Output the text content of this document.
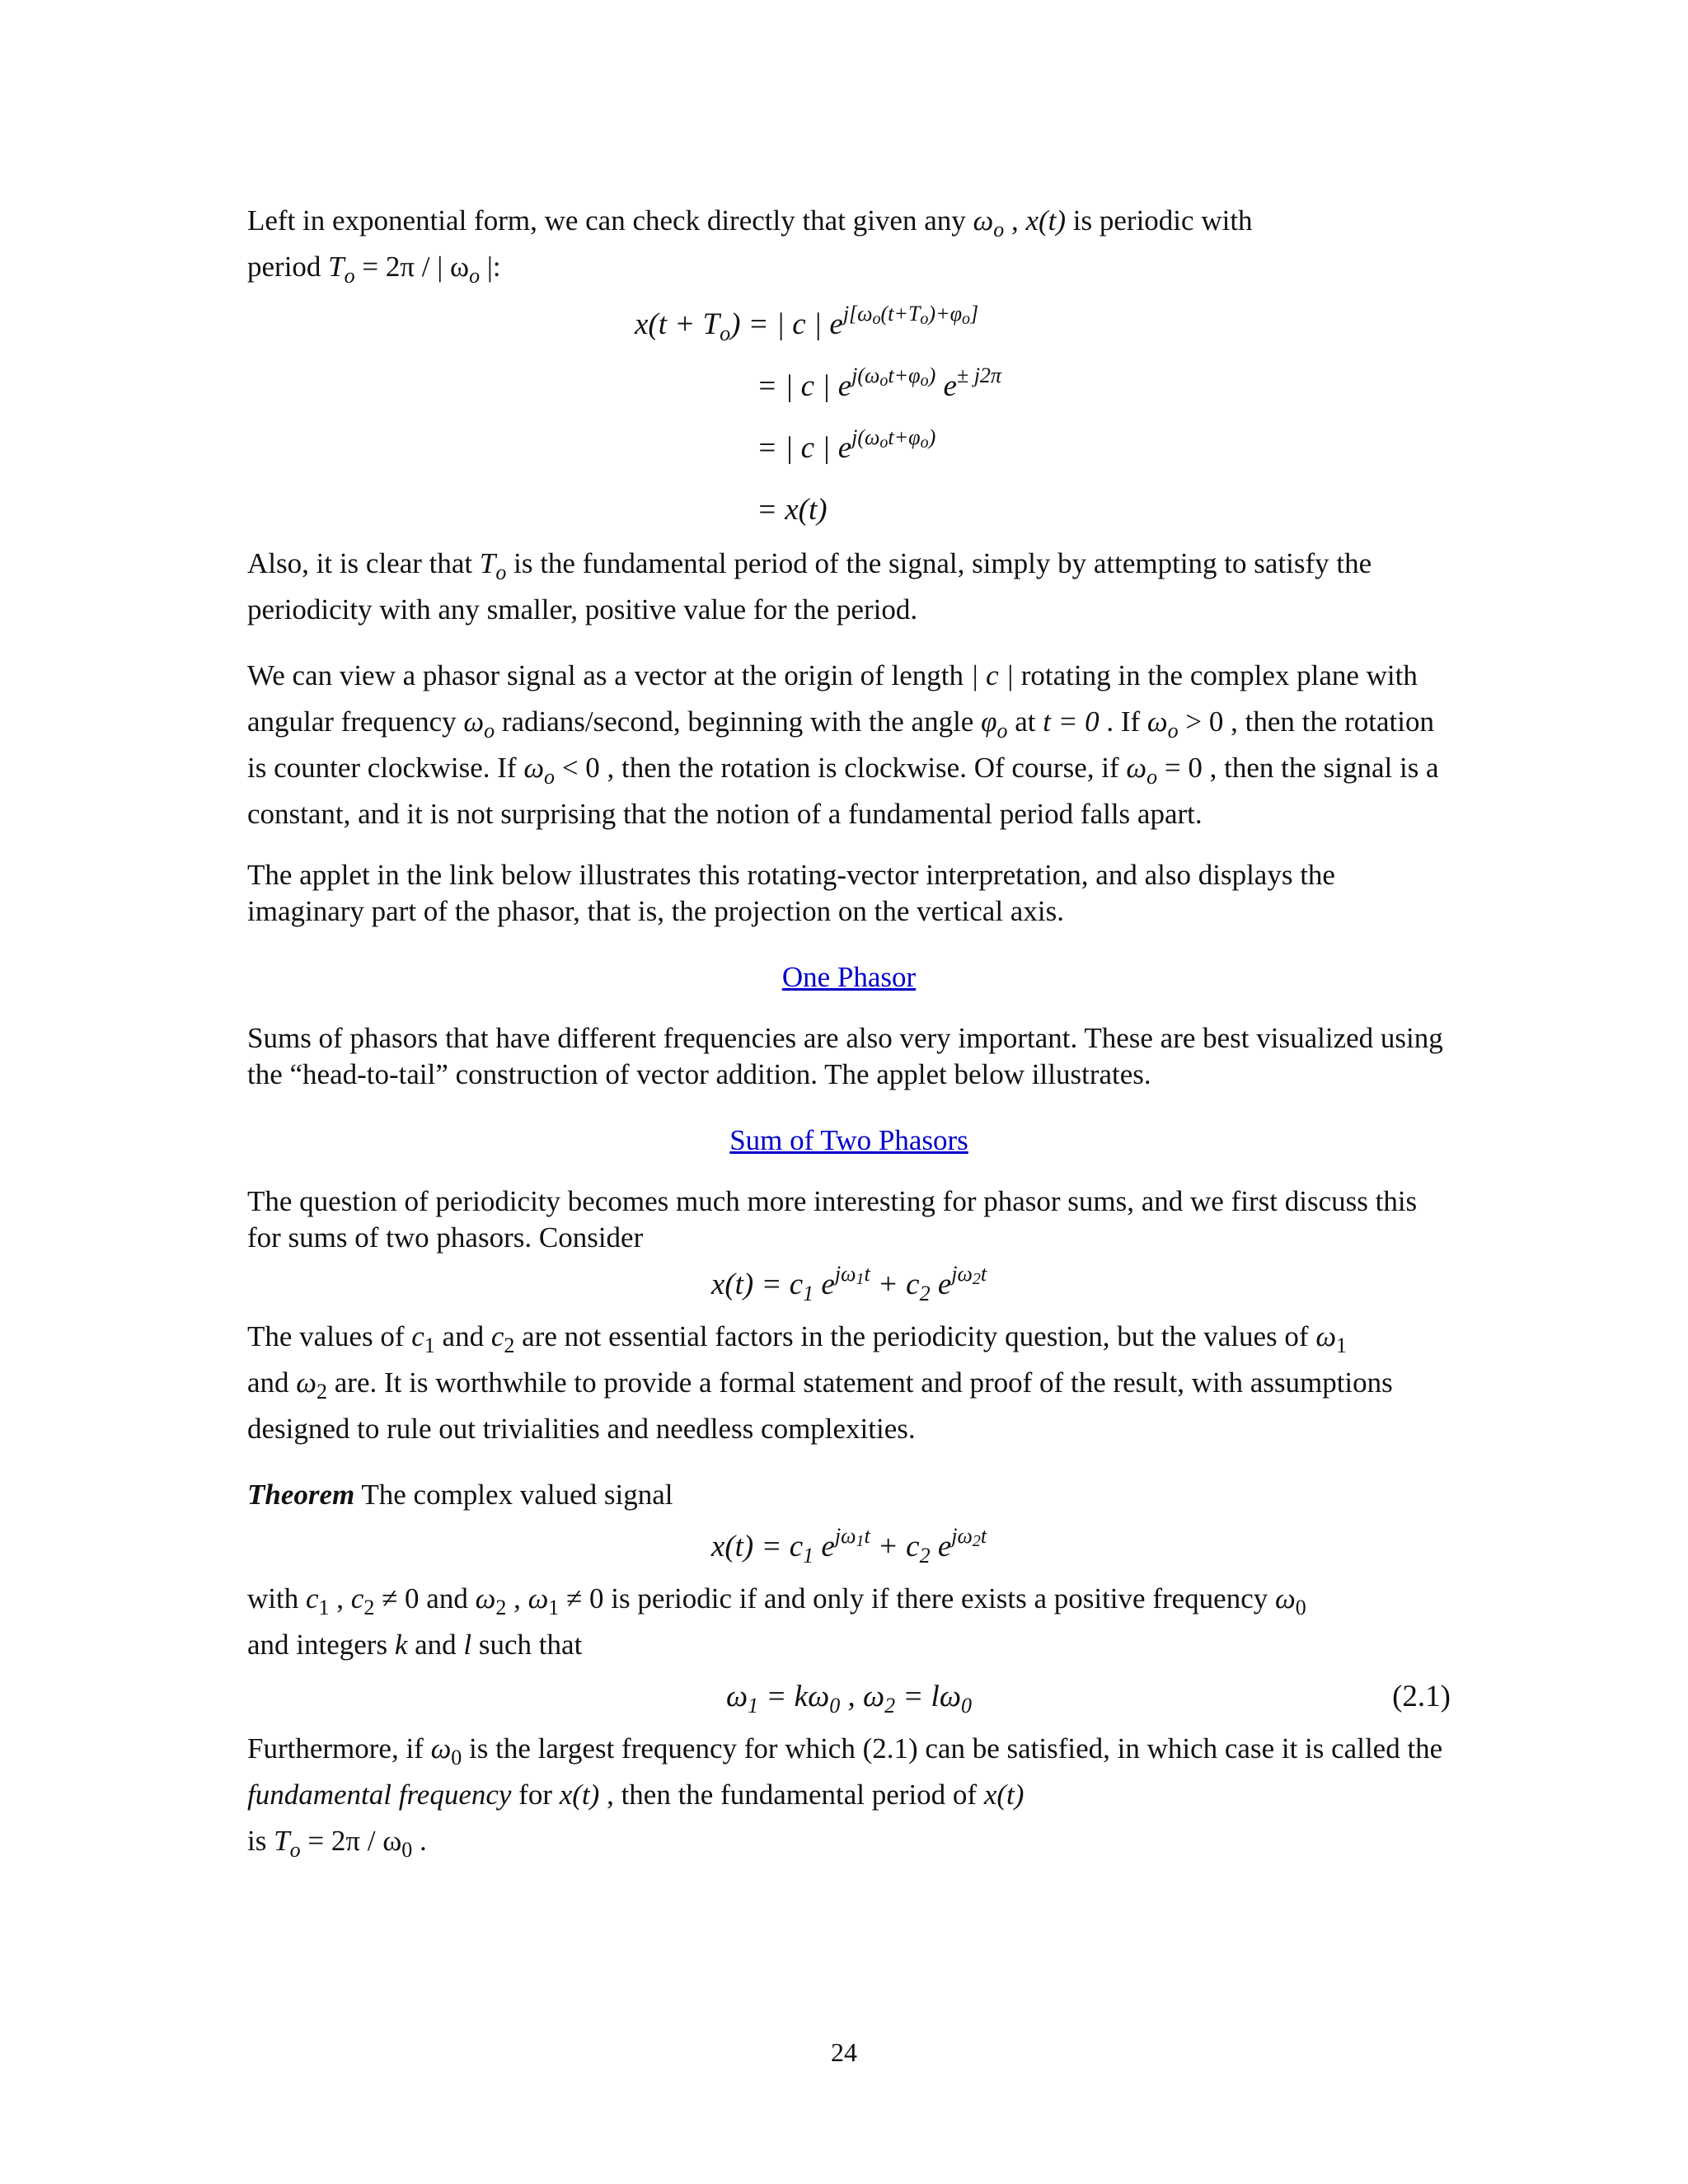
Left in exponential form, we can check directly that given any $\omega_o$ , x(t) is periodic with
period $T_o = 2\pi$ / | $\omega_o$ |:

$x(t + T_o)$ = | c | $e^{j[\omega_o(t+T_o)+\varphi_o]}$
= | c | $e^{j(\omega_ot+\varphi_o)}$ $e^{\pm j2\pi}$
= | c | $e^{j(\omega_ot+\varphi_o)}$
= x(t)

Also, it is clear that $T_o$ is the fundamental period of the signal, simply by attempting to satisfy the periodicity with any smaller, positive value for the period.

We can view a phasor signal as a vector at the origin of length | c | rotating in the complex plane with angular frequency $\omega_o$ radians/second, beginning with the angle $\varphi_o$ at t = 0 . If $\omega_o > 0$ , then the rotation is counter clockwise. If $\omega_o < 0$ , then the rotation is clockwise. Of course, if $\omega_o = 0$ , then the signal is a constant, and it is not surprising that the notion of a fundamental period falls apart.

The applet in the link below illustrates this rotating-vector interpretation, and also displays the imaginary part of the phasor, that is, the projection on the vertical axis.

One Phasor

Sums of phasors that have different frequencies are also very important. These are best visualized using the “head-to-tail” construction of vector addition. The applet below illustrates.

Sum of Two Phasors

The question of periodicity becomes much more interesting for phasor sums, and we first discuss this for sums of two phasors. Consider

$x(t) = c_1$ $e^{j\omega_1t} + c_2$ $e^{j\omega_2t}$

The values of $c_1$ and $c_2$ are not essential factors in the periodicity question, but the values of $\omega_1$
and $\omega_2$ are. It is worthwhile to provide a formal statement and proof of the result, with assumptions designed to rule out trivialities and needless complexities.

Theorem The complex valued signal

$x(t) = c_1$ $e^{j\omega_1t} + c_2$ $e^{j\omega_2t}$

with $c_1$ , $c_2 \ne 0$ and $\omega_2$ , $\omega_1 \ne 0$ is periodic if and only if there exists a positive frequency $\omega_0$
and integers k and l such that

$\omega_1 = k\omega_0$ , $\omega_2 = l\omega_0$	(2.1)

Furthermore, if $\omega_0$ is the largest frequency for which (2.1) can be satisfied, in which case it is called the fundamental frequency for x(t) , then the fundamental period of x(t)
is $T_o = 2\pi / \omega_0$ .

24
